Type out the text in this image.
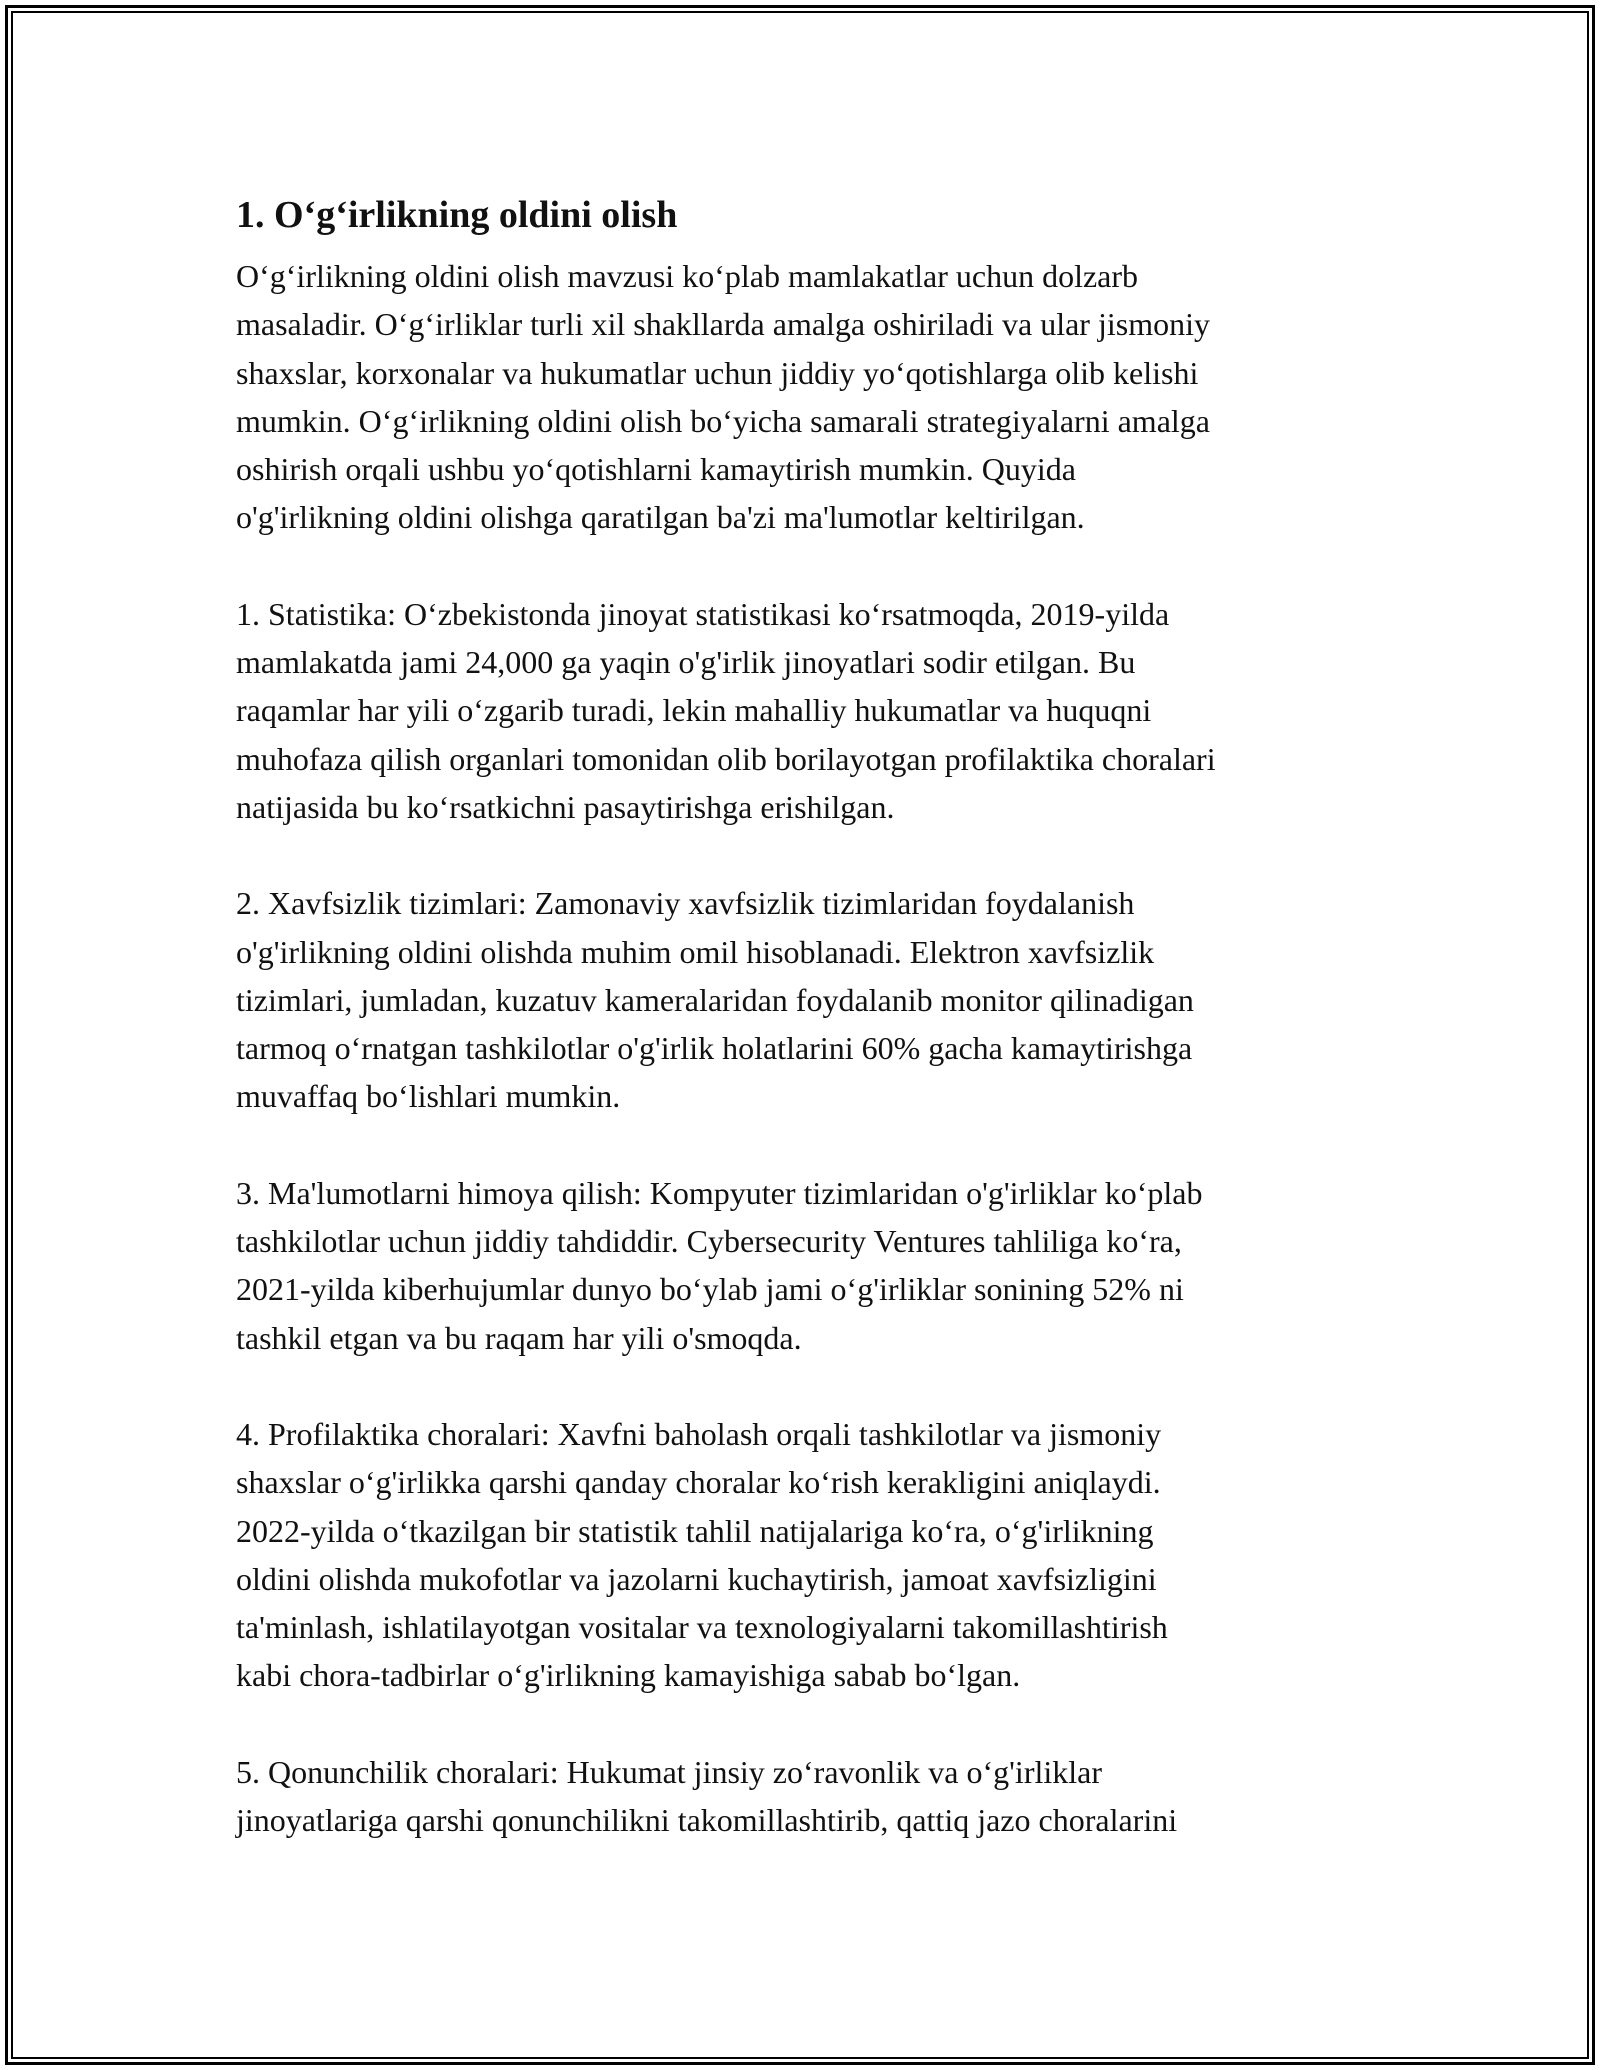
1. O‘g‘irlikning oldini olish

O‘g‘irlikning oldini olish mavzusi ko‘plab mamlakatlar uchun dolzarb
masaladir. O‘g‘irliklar turli xil shakllarda amalga oshiriladi va ular jismoniy
shaxslar, korxonalar va hukumatlar uchun jiddiy yo‘qotishlarga olib kelishi
mumkin. O‘g‘irlikning oldini olish bo‘yicha samarali strategiyalarni amalga
oshirish orqali ushbu yo‘qotishlarni kamaytirish mumkin. Quyida
o'g'irlikning oldini olishga qaratilgan ba'zi ma'lumotlar keltirilgan.

1. Statistika: O‘zbekistonda jinoyat statistikasi ko‘rsatmoqda, 2019-yilda
mamlakatda jami 24,000 ga yaqin o'g'irlik jinoyatlari sodir etilgan. Bu
raqamlar har yili o‘zgarib turadi, lekin mahalliy hukumatlar va huquqni
muhofaza qilish organlari tomonidan olib borilayotgan profilaktika choralari
natijasida bu ko‘rsatkichni pasaytirishga erishilgan.

2. Xavfsizlik tizimlari: Zamonaviy xavfsizlik tizimlaridan foydalanish
o'g'irlikning oldini olishda muhim omil hisoblanadi. Elektron xavfsizlik
tizimlari, jumladan, kuzatuv kameralaridan foydalanib monitor qilinadigan
tarmoq o‘rnatgan tashkilotlar o'g'irlik holatlarini 60% gacha kamaytirishga
muvaffaq bo‘lishlari mumkin.

3. Ma'lumotlarni himoya qilish: Kompyuter tizimlaridan o'g'irliklar ko‘plab
tashkilotlar uchun jiddiy tahdiddir. Cybersecurity Ventures tahliliga ko‘ra,
2021-yilda kiberhujumlar dunyo bo‘ylab jami o‘g'irliklar sonining 52% ni
tashkil etgan va bu raqam har yili o'smoqda.

4. Profilaktika choralari: Xavfni baholash orqali tashkilotlar va jismoniy
shaxslar o‘g'irlikka qarshi qanday choralar ko‘rish kerakligini aniqlaydi.
2022-yilda o‘tkazilgan bir statistik tahlil natijalariga ko‘ra, o‘g'irlikning
oldini olishda mukofotlar va jazolarni kuchaytirish, jamoat xavfsizligini
ta'minlash, ishlatilayotgan vositalar va texnologiyalarni takomillashtirish
kabi chora-tadbirlar o‘g'irlikning kamayishiga sabab bo‘lgan.

5. Qonunchilik choralari: Hukumat jinsiy zo‘ravonlik va o‘g'irliklar
jinoyatlariga qarshi qonunchilikni takomillashtirib, qattiq jazo choralarini
